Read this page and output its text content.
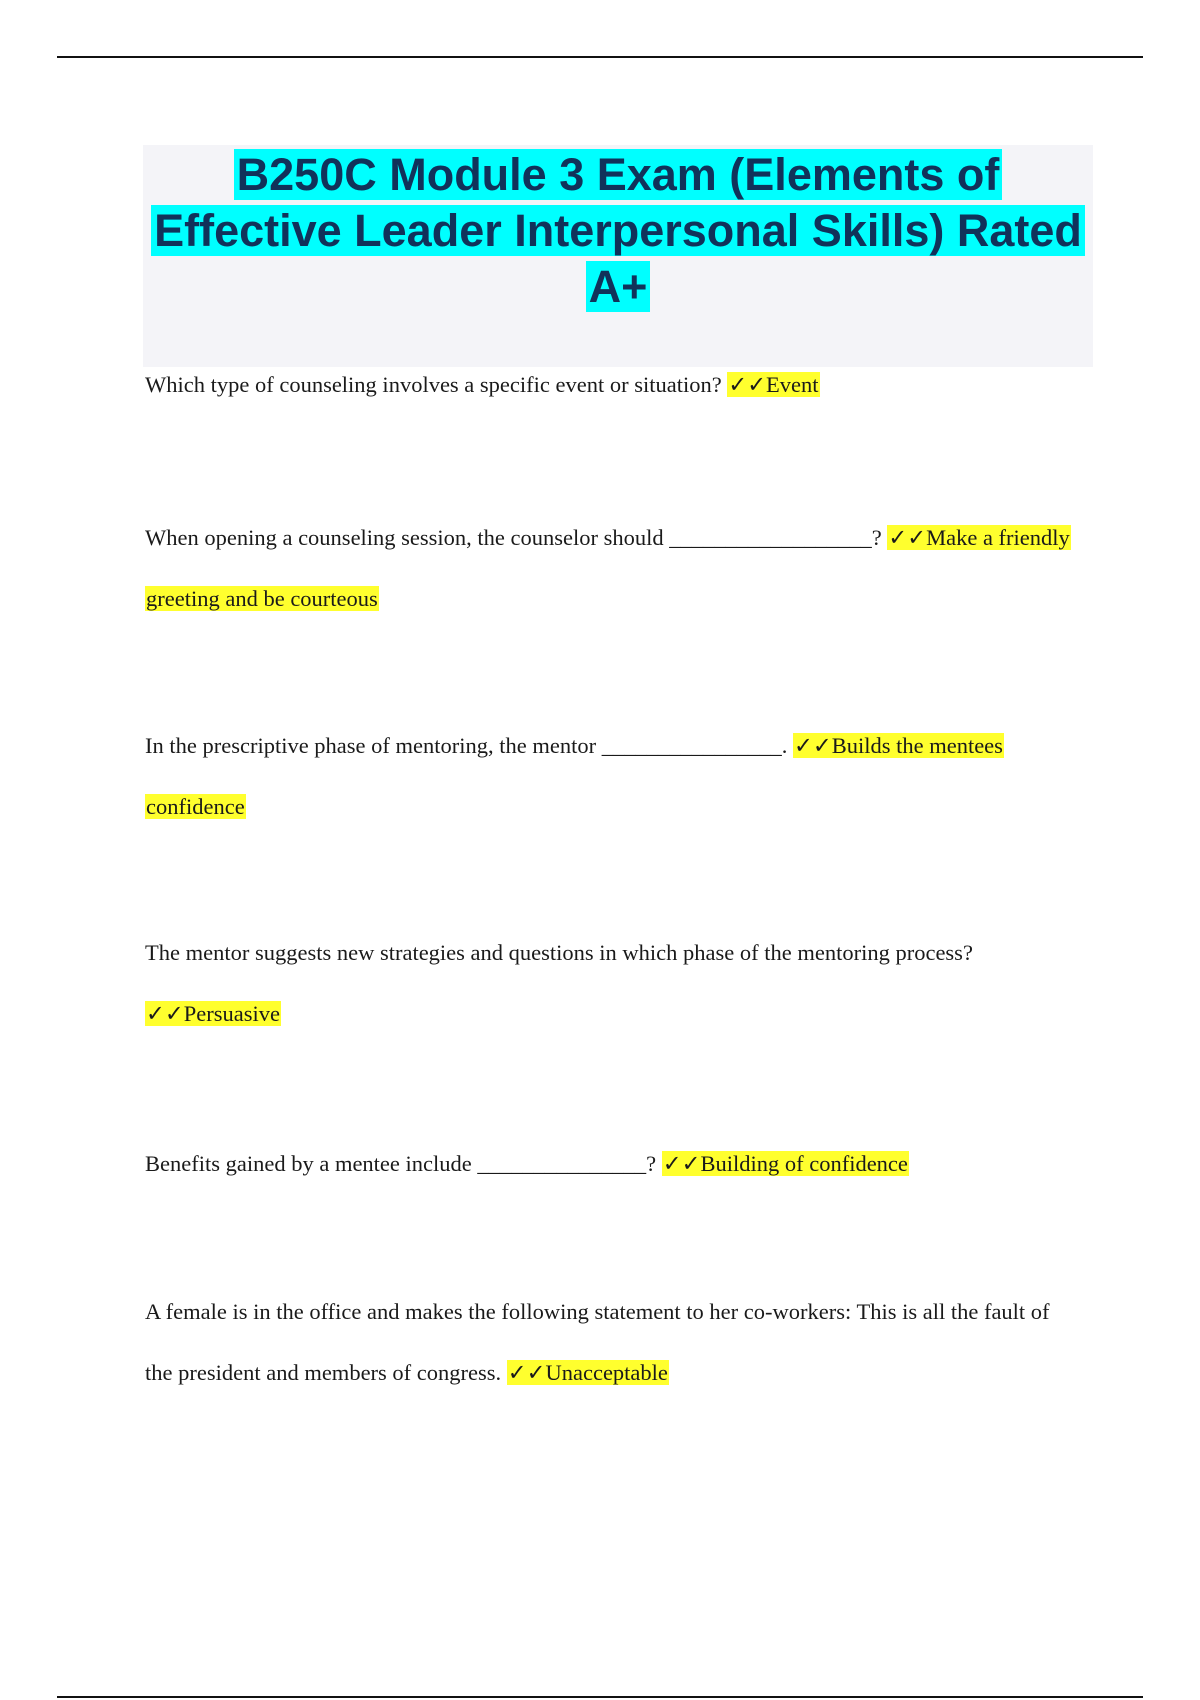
B250C Module 3 Exam (Elements of Effective Leader Interpersonal Skills) Rated A+

Which type of counseling involves a specific event or situation? ✓✓Event

When opening a counseling session, the counselor should __________________? ✓✓Make a friendly greeting and be courteous

In the prescriptive phase of mentoring, the mentor ________________. ✓✓Builds the mentees confidence

The mentor suggests new strategies and questions in which phase of the mentoring process? ✓✓Persuasive

Benefits gained by a mentee include _______________? ✓✓Building of confidence

A female is in the office and makes the following statement to her co-workers: This is all the fault of the president and members of congress. ✓✓Unacceptable
